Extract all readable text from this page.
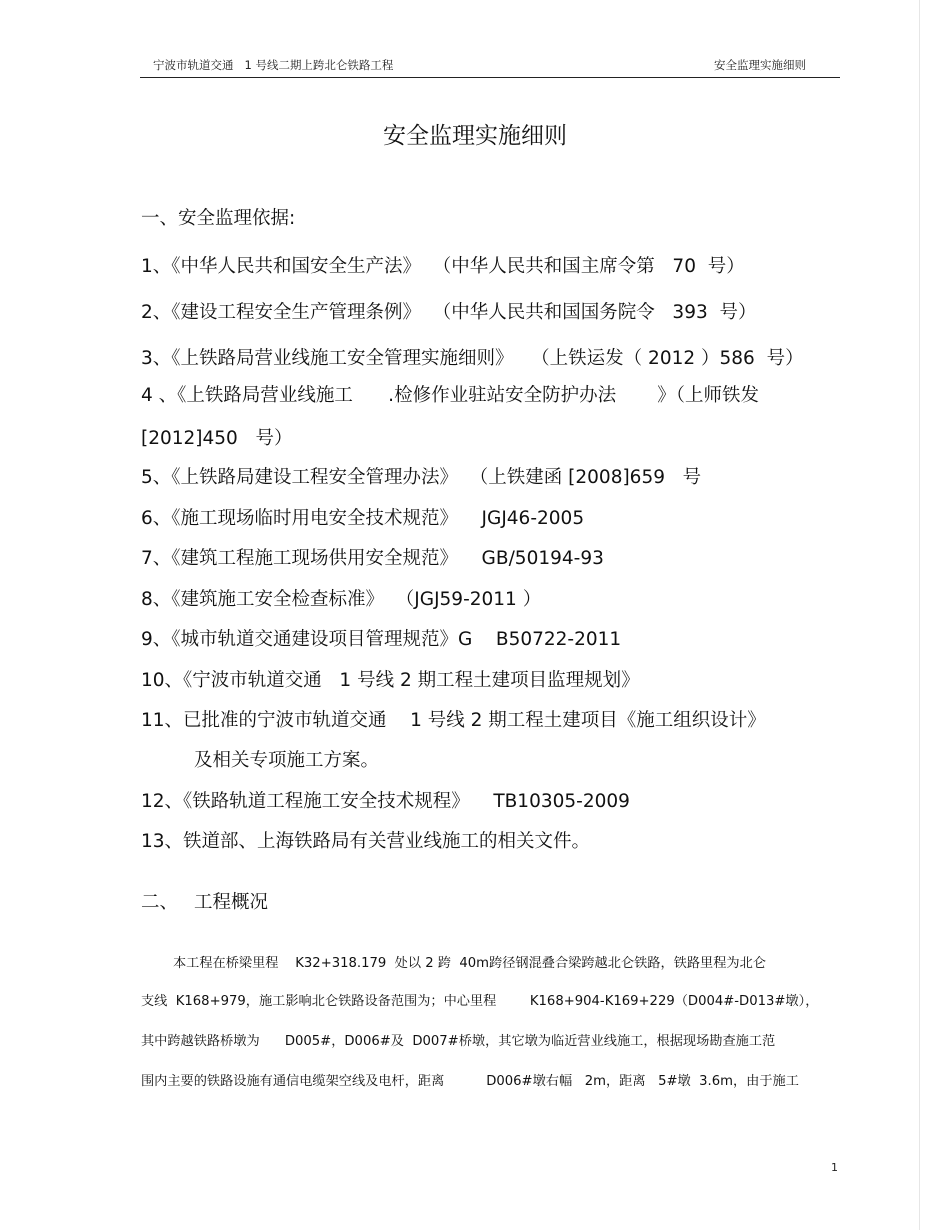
宁波市轨道交通   1 号线二期上跨北仑铁路工程	安全监理实施细则
安全监理实施细则
一、安全监理依据:
1、《中华人民共和国安全生产法》  （中华人民共和国主席令第   70  号）
2、《建设工程安全生产管理条例》  （中华人民共和国国务院令   393  号）
3、《上铁路局营业线施工安全管理实施细则》   （上铁运发（ 2012 ）586  号）
4 、《上铁路局营业线施工      .检修作业驻站安全防护办法       》（上师铁发
[2012]450   号）
5、《上铁路局建设工程安全管理办法》  （上铁建函 [2008]659   号
6、《施工现场临时用电安全技术规范》    JGJ46-2005
7、《建筑工程施工现场供用安全规范》    GB/50194-93
8、《建筑施工安全检查标准》  （JGJ59-2011 ）
9、《城市轨道交通建设项目管理规范》G    B50722-2011
10、《宁波市轨道交通   1 号线 2 期工程土建项目监理规划》
11、已批准的宁波市轨道交通    1 号线 2 期工程土建项目《施工组织设计》
及相关专项施工方案。
12、《铁路轨道工程施工安全技术规程》    TB10305-2009
13、铁道部、上海铁路局有关营业线施工的相关文件。
二、 工程概况
本工程在桥梁里程    K32+318.179  处以 2 跨  40m跨径钢混叠合梁跨越北仑铁路，铁路里程为北仑
支线  K168+979，施工影响北仑铁路设备范围为；中心里程        K168+904-K169+229（D004#-D013#墩），
其中跨越铁路桥墩为      D005#，D006#及  D007#桥墩，其它墩为临近营业线施工，根据现场勘查施工范
围内主要的铁路设施有通信电缆架空线及电杆，距离          D006#墩右幅   2m，距离   5#墩  3.6m，由于施工
1
